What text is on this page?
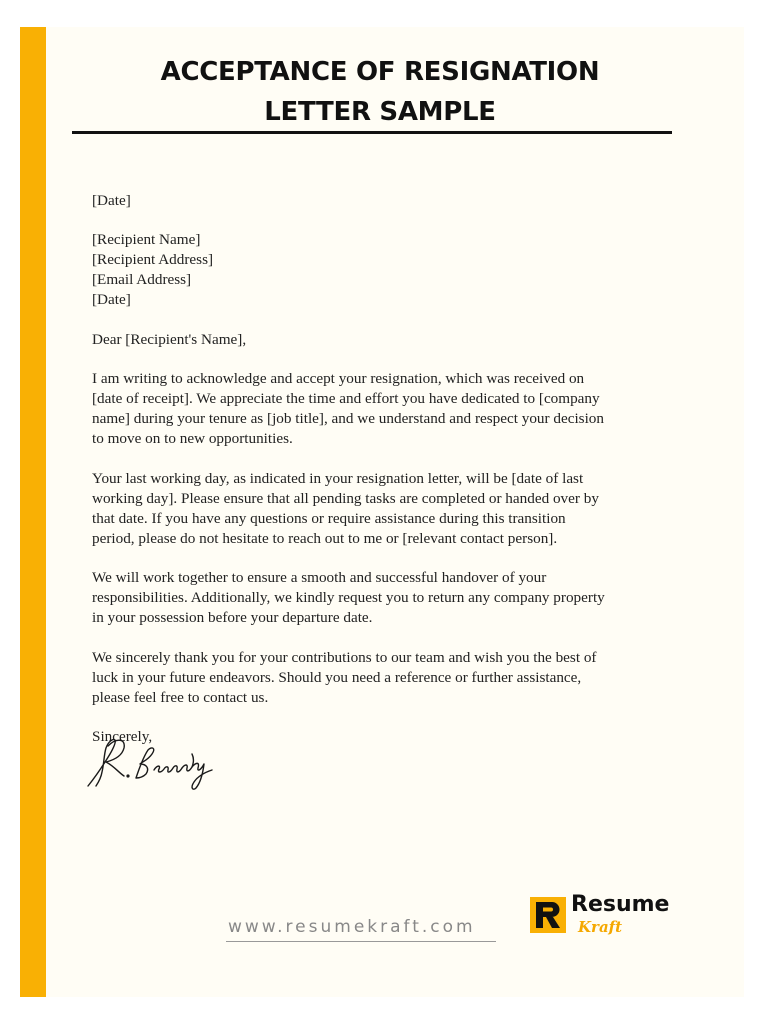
ACCEPTANCE OF RESIGNATION
LETTER SAMPLE
[Date]
[Recipient Name]
[Recipient Address]
[Email Address]
[Date]
Dear [Recipient's Name],
I am writing to acknowledge and accept your resignation, which was received on
[date of receipt]. We appreciate the time and effort you have dedicated to [company
name] during your tenure as [job title], and we understand and respect your decision
to move on to new opportunities.
Your last working day, as indicated in your resignation letter, will be [date of last
working day]. Please ensure that all pending tasks are completed or handed over by
that date. If you have any questions or require assistance during this transition
period, please do not hesitate to reach out to me or [relevant contact person].
We will work together to ensure a smooth and successful handover of your
responsibilities. Additionally, we kindly request you to return any company property
in your possession before your departure date.
We sincerely thank you for your contributions to our team and wish you the best of
luck in your future endeavors. Should you need a reference or further assistance,
please feel free to contact us.
Sincerely,
www.resumekraft.com
Resume
Kraft
